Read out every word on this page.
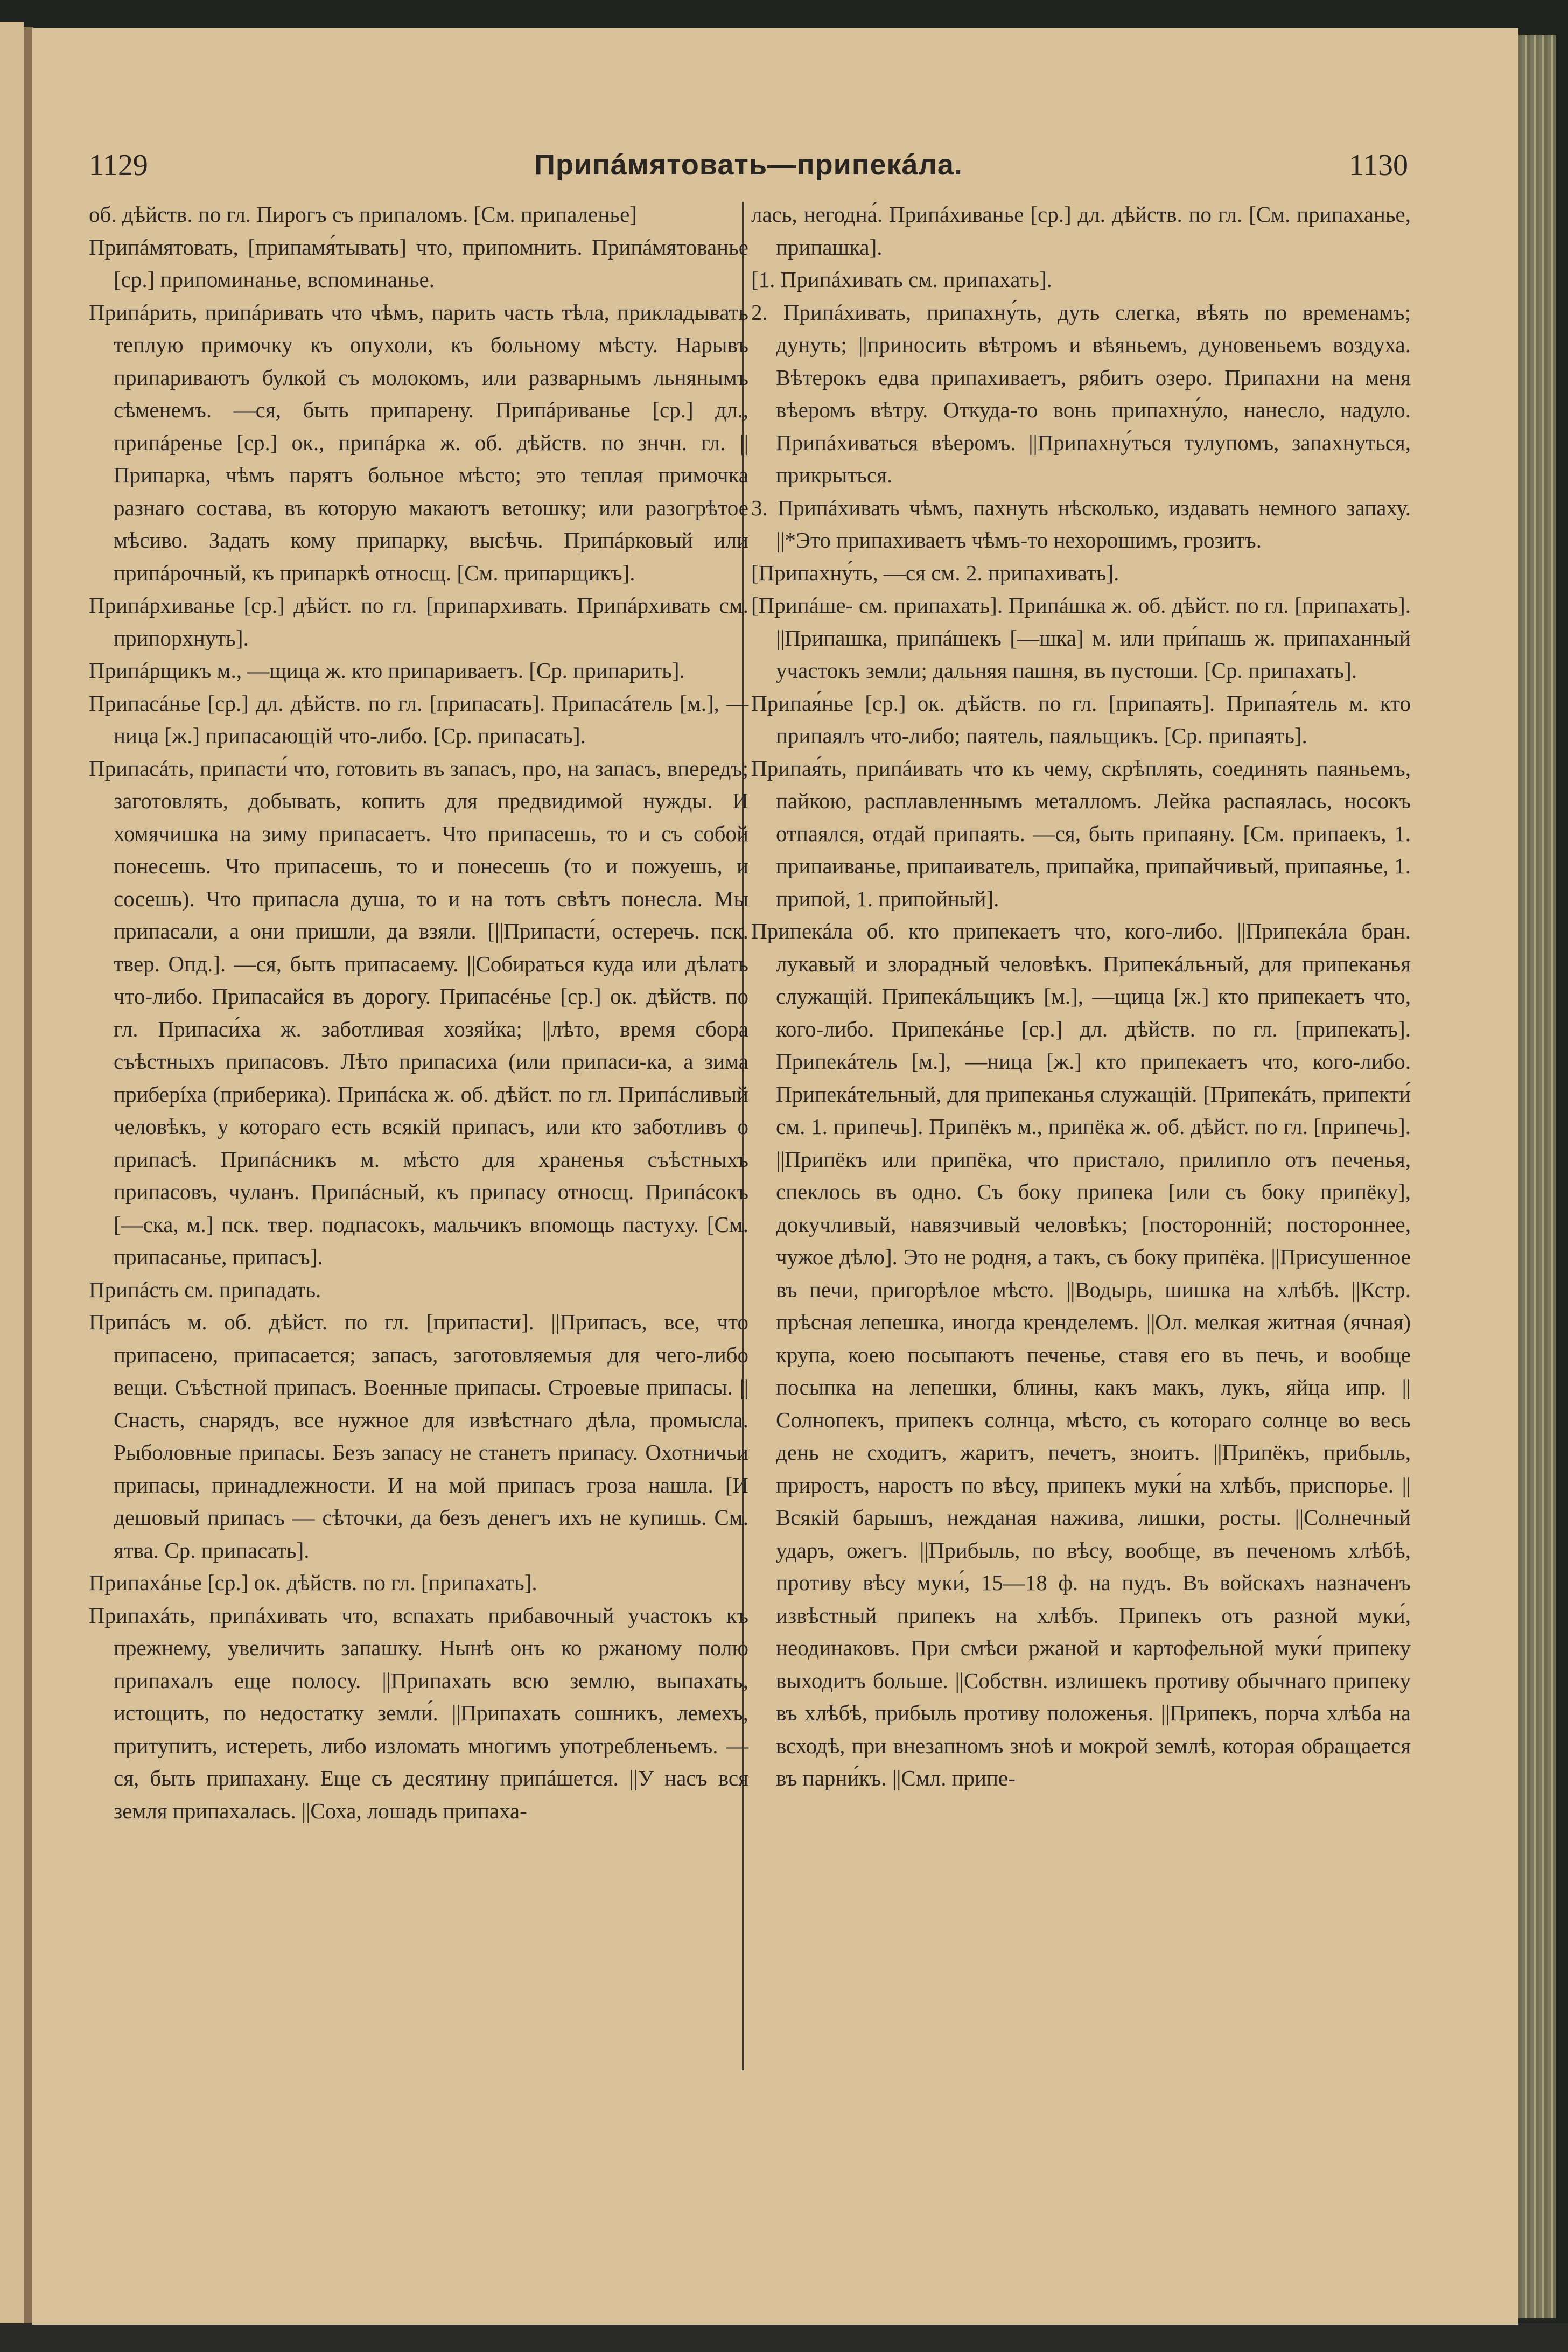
1129	Припáмятовать—припекáла.	1130

об. дѣйств. по гл. Пирогъ съ припаломъ. [См. припаленье]

Припáмятовать, [припамя́тывать] что, припомнить. Припáмятованье [ср.] припоминанье, вспоминанье.

Припáрить, припáривать что чѣмъ, парить часть тѣла, прикладывать теплую примочку къ опухоли, къ больному мѣсту. Нарывъ припариваютъ булкой съ молокомъ, или разварнымъ льнянымъ сѣменемъ. —ся, быть припарену. Припáриванье [ср.] дл., припáренье [ср.] ок., припáрка ж. об. дѣйств. по знчн. гл. || Припарка, чѣмъ парятъ больное мѣсто; это теплая примочка разнаго состава, въ которую макаютъ ветошку; или разогрѣтое мѣсиво. Задать кому припарку, высѣчь. Припáрковый или припáрочный, къ припаркѣ относщ. [См. припарщикъ].

Припáрхиванье [ср.] дѣйст. по гл. [припархивать. Припáрхивать см. припорхнуть].

Припáрщикъ м., —щица ж. кто припариваетъ. [Ср. припарить].

Припасáнье [ср.] дл. дѣйств. по гл. [припасать]. Припасáтель [м.], —ница [ж.] припасающій что-либо. [Ср. припасать].

Припасáть, припасти́ что, готовить въ запасъ, про, на запасъ, впередъ; заготовлять, добывать, копить для предвидимой нужды. И хомячишка на зиму припасаетъ. Что припасешь, то и съ собой понесешь. Что припасешь, то и понесешь (то и пожуешь, и сосешь). Что припасла душа, то и на тотъ свѣтъ понесла. Мы припасали, а они пришли, да взяли. [||Припасти́, остеречь. пск. твер. Опд.]. —ся, быть припасаему. ||Собираться куда или дѣлать что-либо. Припасайся въ дорогу. Припасéнье [ср.] ок. дѣйств. по гл. Припаси́ха ж. заботливая хозяйка; ||лѣто, время сбора съѣстныхъ припасовъ. Лѣто припасиха (или припаси-ка, а зима приберíха (приберика). Припáска ж. об. дѣйст. по гл. Припáсливый человѣкъ, у котораго есть всякій припасъ, или кто заботливъ о припасѣ. Припáсникъ м. мѣсто для храненья съѣстныхъ припасовъ, чуланъ. Припáсный, къ припасу относщ. Припáсокъ [—ска, м.] пск. твер. подпасокъ, мальчикъ впомощь пастуху. [См. припасанье, припасъ].

Припáсть см. припадать.

Припáсъ м. об. дѣйст. по гл. [припасти]. ||Припасъ, все, что припасено, припасается; запасъ, заготовляемыя для чего-либо вещи. Съѣстной припасъ. Военные припасы. Строевые припасы. ||Снасть, снарядъ, все нужное для извѣстнаго дѣла, промысла. Рыболовные припасы. Безъ запасу не станетъ припасу. Охотничьи припасы, принадлежности. И на мой припасъ гроза нашла. [И дешовый припасъ — сѣточки, да безъ денегъ ихъ не купишь. См. ятва. Ср. припасать].

Припахáнье [ср.] ок. дѣйств. по гл. [припахать].

Припахáть, припáхивать что, вспахать прибавочный участокъ къ прежнему, увеличить запашку. Нынѣ онъ ко ржаному полю припахалъ еще полосу. ||Припахать всю землю, выпахать, истощить, по недостатку земли́. ||Припахать сошникъ, лемехъ, притупить, истереть, либо изломать многимъ употребленьемъ. —ся, быть припахану. Еще съ десятину припáшется. ||У насъ вся земля припахалась. ||Соха, лошадь припаха-

лась, негодна́. Припáхиванье [ср.] дл. дѣйств. по гл. [См. припаханье, припашка].

[1. Припáхивать см. припахать].

2. Припáхивать, припахну́ть, дуть слегка, вѣять по временамъ; дунуть; ||приносить вѣтромъ и вѣяньемъ, дуновеньемъ воздуха. Вѣтерокъ едва припахиваетъ, рябитъ озеро. Припахни на меня вѣеромъ вѣтру. Откуда-то вонь припахну́ло, нанесло, надуло. Припáхиваться вѣеромъ. ||Припахну́ться тулупомъ, запахнуться, прикрыться.

3. Припáхивать чѣмъ, пахнуть нѣсколько, издавать немного запаху. ||*Это припахиваетъ чѣмъ-то нехорошимъ, грозитъ.

[Припахну́ть, —ся см. 2. припахивать].

[Припáше- см. припахать]. Припáшка ж. об. дѣйст. по гл. [припахать]. ||Припашка, припáшекъ [—шка] м. или при́пашь ж. припаханный участокъ земли; дальняя пашня, въ пустоши. [Ср. припахать].

Припая́нье [ср.] ок. дѣйств. по гл. [припаять]. Припая́тель м. кто припаялъ что-либо; паятель, паяльщикъ. [Ср. припаять].

Припая́ть, припáивать что къ чему, скрѣплять, соединять паяньемъ, пайкою, расплавленнымъ металломъ. Лейка распаялась, носокъ отпаялся, отдай припаять. —ся, быть припаяну. [См. припаекъ, 1. припаиванье, припаиватель, припайка, припайчивый, припаянье, 1. припой, 1. припойный].

Припекáла об. кто припекаетъ что, кого-либо. ||Припекáла бран. лукавый и злорадный человѣкъ. Припекáльный, для припеканья служащій. Припекáльщикъ [м.], —щица [ж.] кто припекаетъ что, кого-либо. Припекáнье [ср.] дл. дѣйств. по гл. [припекать]. Припекáтель [м.], —ница [ж.] кто припекаетъ что, кого-либо. Припекáтельный, для припеканья служащій. [Припекáть, припекти́ см. 1. припечь]. Припёкъ м., припёка ж. об. дѣйст. по гл. [припечь]. ||Припёкъ или припёка, что пристало, прилипло отъ печенья, спеклось въ одно. Съ боку припека [или съ боку припёку], докучливый, навязчивый человѣкъ; [посторонній; постороннее, чужое дѣло]. Это не родня, а такъ, съ боку припёка. ||Присушенное въ печи, пригорѣлое мѣсто. ||Водырь, шишка на хлѣбѣ. ||Кстр. прѣсная лепешка, иногда кренделемъ. ||Ол. мелкая житная (ячная) крупа, коею посыпаютъ печенье, ставя его въ печь, и вообще посыпка на лепешки, блины, какъ макъ, лукъ, яйца ипр. ||Солнопекъ, припекъ солнца, мѣсто, съ котораго солнце во весь день не сходитъ, жаритъ, печетъ, зноитъ. ||Припёкъ, прибыль, приростъ, наростъ по вѣсу, припекъ муки́ на хлѣбъ, приспорье. ||Всякій барышъ, нежданая нажива, лишки, росты. ||Солнечный ударъ, ожегъ. ||Прибыль, по вѣсу, вообще, въ печеномъ хлѣбѣ, противу вѣсу муки́, 15—18 ф. на пудъ. Въ войскахъ назначенъ извѣстный припекъ на хлѣбъ. Припекъ отъ разной муки́, неодинаковъ. При смѣси ржаной и картофельной муки́ припеку выходитъ больше. ||Собствн. излишекъ противу обычнаго припеку въ хлѣбѣ, прибыль противу положенья. ||Припекъ, порча хлѣба на всходѣ, при внезапномъ зноѣ и мокрой землѣ, которая обращается въ парни́къ. ||Смл. припе-
